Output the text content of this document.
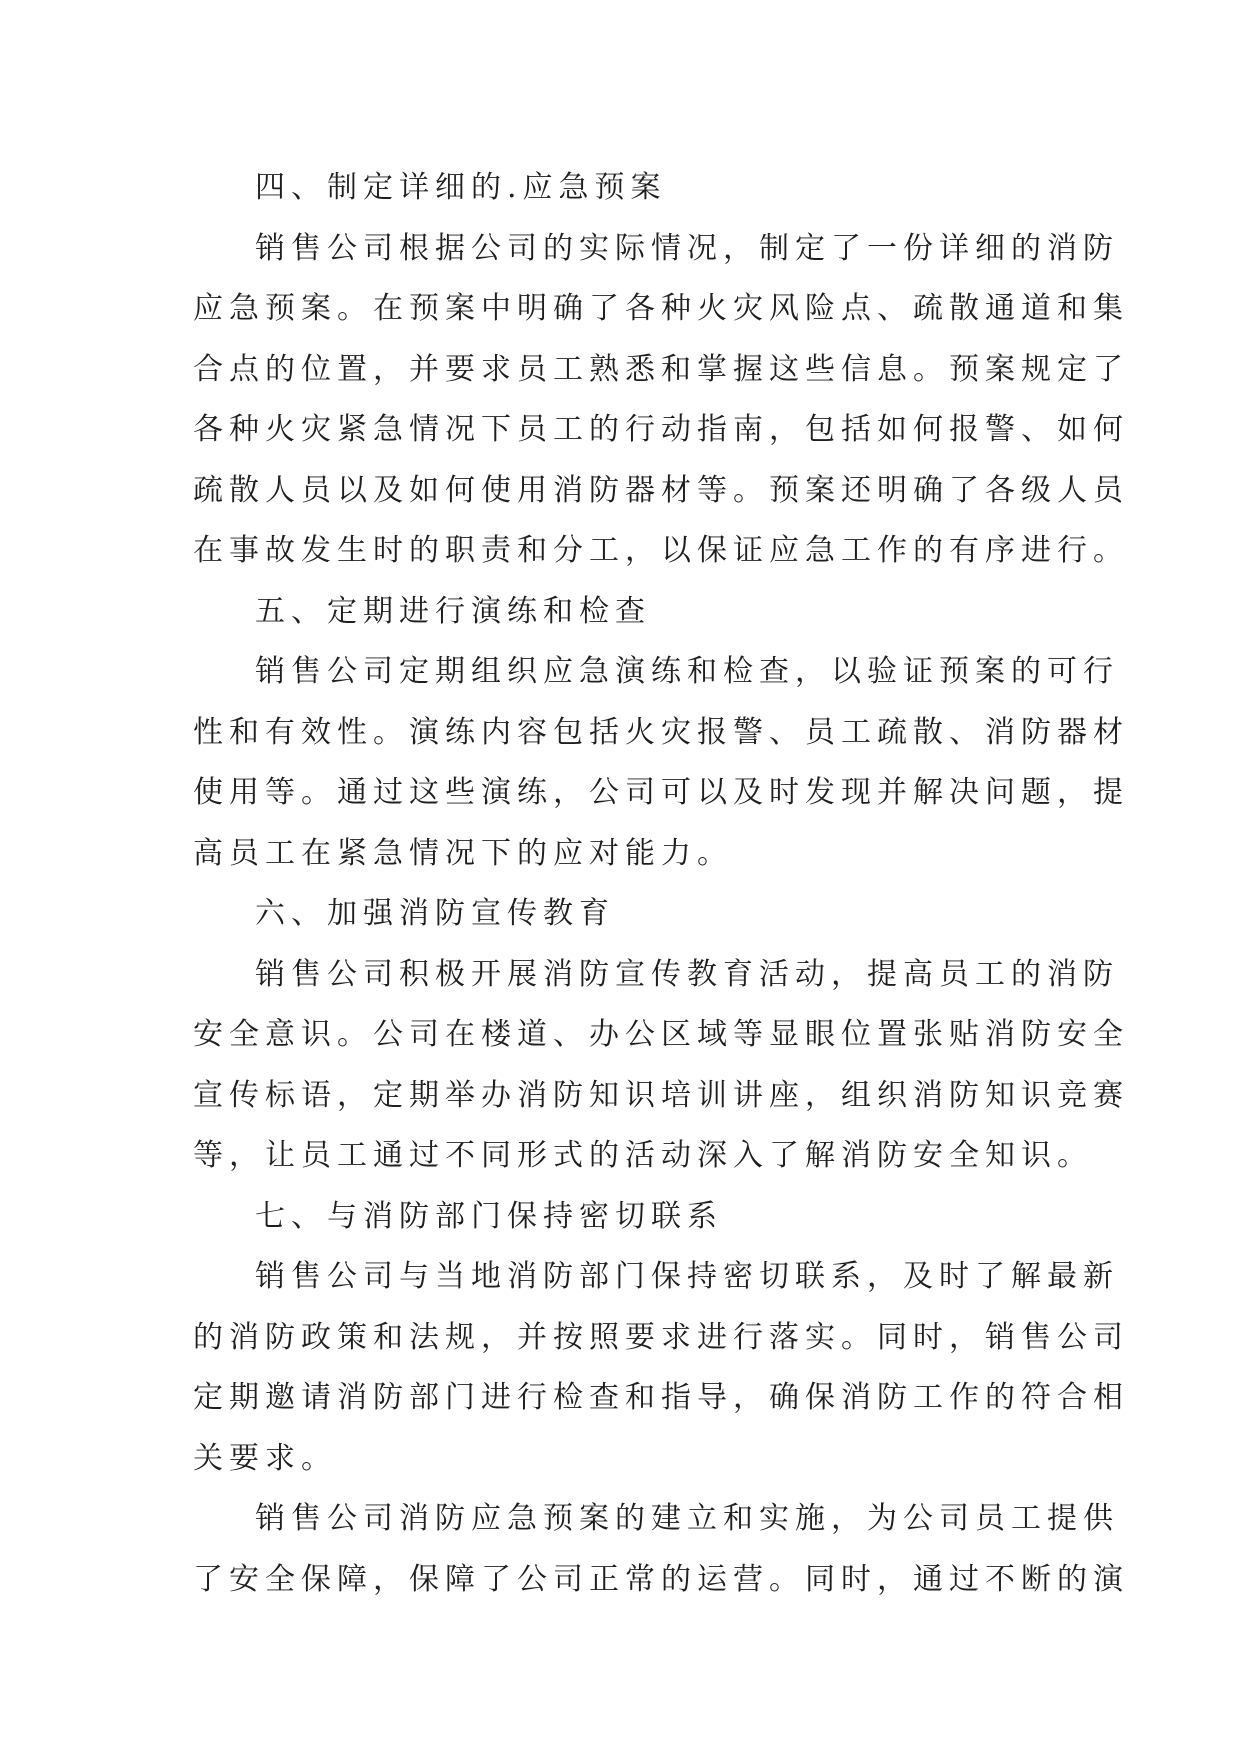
四、制定详细的.应急预案
销售公司根据公司的实际情况，制定了一份详细的消防
应急预案。在预案中明确了各种火灾风险点、疏散通道和集
合点的位置，并要求员工熟悉和掌握这些信息。预案规定了
各种火灾紧急情况下员工的行动指南，包括如何报警、如何
疏散人员以及如何使用消防器材等。预案还明确了各级人员
在事故发生时的职责和分工，以保证应急工作的有序进行。
五、定期进行演练和检查
销售公司定期组织应急演练和检查，以验证预案的可行
性和有效性。演练内容包括火灾报警、员工疏散、消防器材
使用等。通过这些演练，公司可以及时发现并解决问题，提
高员工在紧急情况下的应对能力。
六、加强消防宣传教育
销售公司积极开展消防宣传教育活动，提高员工的消防
安全意识。公司在楼道、办公区域等显眼位置张贴消防安全
宣传标语，定期举办消防知识培训讲座，组织消防知识竞赛
等，让员工通过不同形式的活动深入了解消防安全知识。
七、与消防部门保持密切联系
销售公司与当地消防部门保持密切联系，及时了解最新
的消防政策和法规，并按照要求进行落实。同时，销售公司
定期邀请消防部门进行检查和指导，确保消防工作的符合相
关要求。
销售公司消防应急预案的建立和实施，为公司员工提供
了安全保障，保障了公司正常的运营。同时，通过不断的演
